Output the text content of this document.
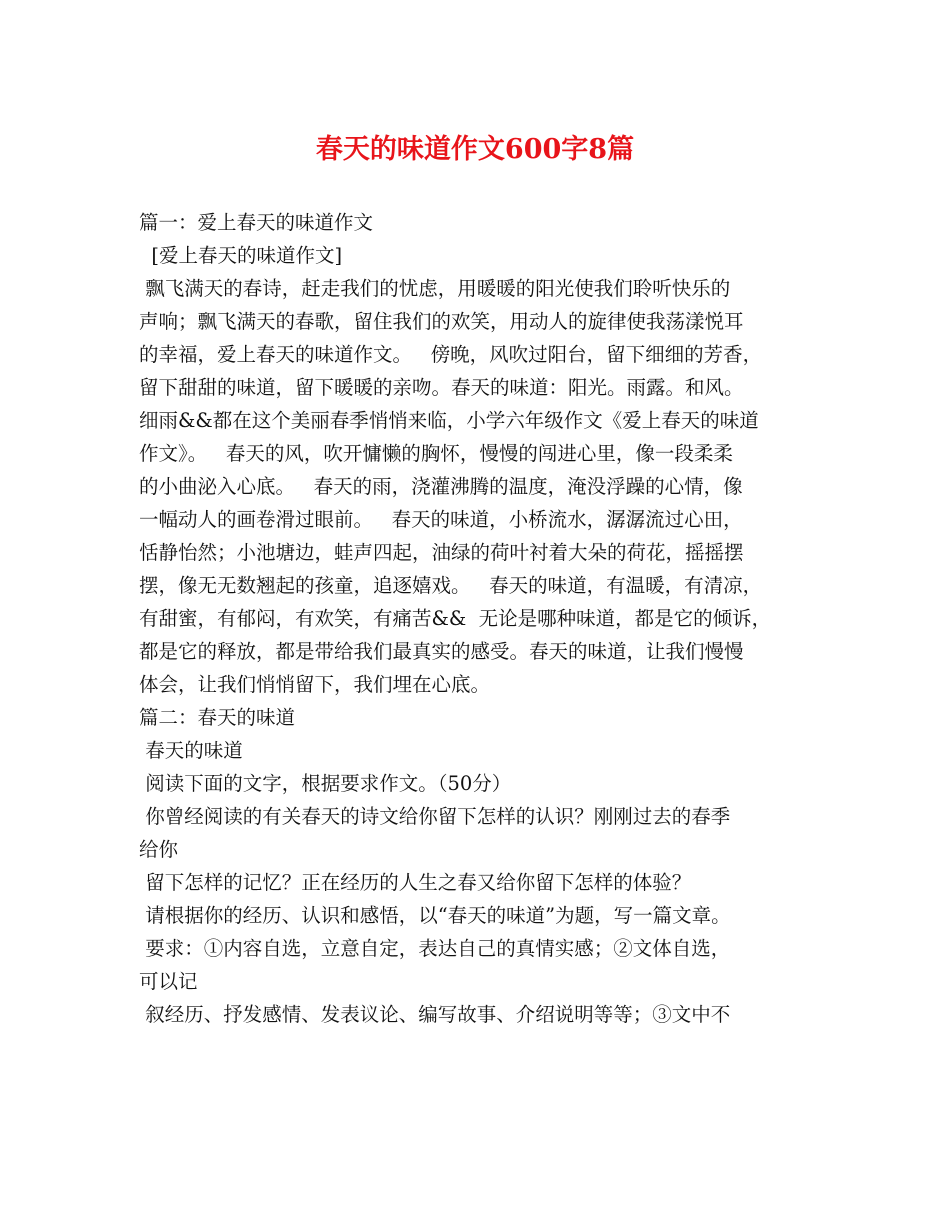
春天的味道作文600字8篇
篇一：爱上春天的味道作文
[爱上春天的味道作文]
飘飞满天的春诗，赶走我们的忧虑，用暖暖的阳光使我们聆听快乐的
声响；飘飞满天的春歌，留住我们的欢笑，用动人的旋律使我荡漾悦耳
的幸福，爱上春天的味道作文。   傍晚，风吹过阳台，留下细细的芳香，
留下甜甜的味道，留下暖暖的亲吻。春天的味道：阳光。雨露。和风。
细雨&&都在这个美丽春季悄悄来临，小学六年级作文《爱上春天的味道
作文》。   春天的风，吹开慵懒的胸怀，慢慢的闯进心里，像一段柔柔
的小曲泌入心底。   春天的雨，浇灌沸腾的温度，淹没浮躁的心情，像
一幅动人的画卷滑过眼前。   春天的味道，小桥流水，潺潺流过心田，
恬静怡然；小池塘边，蛙声四起，油绿的荷叶衬着大朵的荷花，摇摇摆
摆，像无无数翘起的孩童，追逐嬉戏。   春天的味道，有温暖，有清凉，
有甜蜜，有郁闷，有欢笑，有痛苦&&  无论是哪种味道，都是它的倾诉，
都是它的释放，都是带给我们最真实的感受。春天的味道，让我们慢慢
体会，让我们悄悄留下，我们埋在心底。
篇二：春天的味道
春天的味道
阅读下面的文字，根据要求作文。（50分）
你曾经阅读的有关春天的诗文给你留下怎样的认识？刚刚过去的春季
给你
留下怎样的记忆？正在经历的人生之春又给你留下怎样的体验？
请根据你的经历、认识和感悟，以“春天的味道”为题，写一篇文章。
要求：①内容自选，立意自定，表达自己的真情实感；②文体自选，
可以记
叙经历、抒发感情、发表议论、编写故事、介绍说明等等；③文中不
